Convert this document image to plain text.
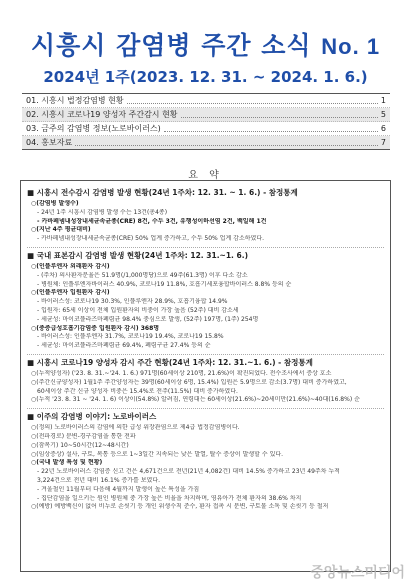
시흥시 감염병 주간 소식 No. 1
2024년 1주(2023. 12. 31. ~ 2024. 1. 6.)
01. 시흥시 법정감염병 현황	1
02. 시흥시 코로나19 양성자 주간감시 현황	5
03. 금주의 감염병 정보(노로바이러스)	6
04. 홍보자료	7
요 약
■ 시흥시 전수감시 감염병 발생 현황(24년 1주차: 12. 31. ~ 1. 6.) - 참정통계
○(감염병 발생수)
- 24년 1주 시흥시 감염병 발생 수는 13건(총4종)
- 카바페넴내성장내세균속균종(CRE) 8건, 수두 3건, 유행성이하선염 2건, 백일해 1건
○(지난 4주 평균대비)
- 카바페넴내성장내세균속균종(CRE) 50% 업계 증가하고, 수두 50% 업계 감소하였다.
■ 국내 표본감시 감염병 발생 현황(24년 1주차: 12. 31.~1. 6.)
○(인플루엔자 외래환자 감시)
- (주차) 의사환자분율은 51.9명(/1,000명당)으로 49주(61.3명) 이후 다소 감소
- 병원체: 인플루엔자바이러스 40.9%, 코로나19 11.8%, 호흡기세포융합바이러스 8.8% 등의 순
○(인플루엔자 입원환자 감시)
- 바이러스성: 코로나19 30.3%, 인플루엔자 28.9%, 호흡기융합 14.9%
- 입원자: 65세 이상이 전체 입원환자의 비중이 가장 높음 (52주) 대비 감소세
- 세균성: 마이코플라즈마폐렴균 98.4% 중심으로 발생, (52주) 197명, (1주) 254명
○(중증급성호흡기감염증 입원환자 감시) 368명
- 바이러스성: 인플루엔자 31.7%, 코로나19 19.4%, 코로나19 15.8%
- 세균성: 마이코플라즈마폐렴균 69.4%, 폐렴구균 27.4% 등의 순
■ 시흥시 코로나19 양성자 감시 주간 현황(24년 1주차: 12. 31.~1. 6.) - 참정통계
○(누적양성자) ('23. 8. 31.~'24. 1. 6.) 971명(60세이상 210명, 21.6%)이 확진되었다. 전수조사에서 증상 호소
○(주간신규양성자) 1월1주 주간양성자는 39명(60세이상 6명, 15.4%) 입원은 5.9명으로 감소(3.7명) 대비 증가하였고,
60세이상 주간 신규 양성자 비중은 15.4%로 전주(11.5%) 대비 증가하였다.
○(누적 '23. 8. 31 ~ '24. 1. 6) 이상이(54.8%) 알려짐, 연령대는 60세이상(21.6%)~20세미만(21.6%)~40대(16.8%) 순
■ 이주의 감염병 이야기: 노로바이러스
○(정의) 노로바이러스의 감염에 의한 급성 위장관염으로 제4급 법정감염병이다.
○(전파경로) 분변-경구감염을 통한 전파
○(잠복기) 10~50시간(12~48시간)
○(임상증상) 설사, 구토, 복통 등으로 1~3일간 지속되는 낮은 발열, 탈수 증상이 발생할 수 있다.
○(국내 발생 특성 및 현황)
- 22년 노로바이러스 감염증 신고 건은 4,671건으로 전년(21년 4,082건) 대비 14.5% 증가하고 23년 49주차 누적
3,224건으로 전년 대비 16.1% 증가를 보였다.
- 겨울철인 11월부터 다음해 4월까지 발생이 높은 특성을 가짐
- 집단감염을 일으키는 원인 병원체 중 가장 높은 비율을 차지하며, 영유아가 전체 환자의 38.6% 차지
○(예방) 예방백신이 없어 비누로 손씻기 등 개인 위생수칙 준수, 환자 접촉 시 분변, 구토물 소독 및 손씻기 등 철저
중앙뉴스미디어
